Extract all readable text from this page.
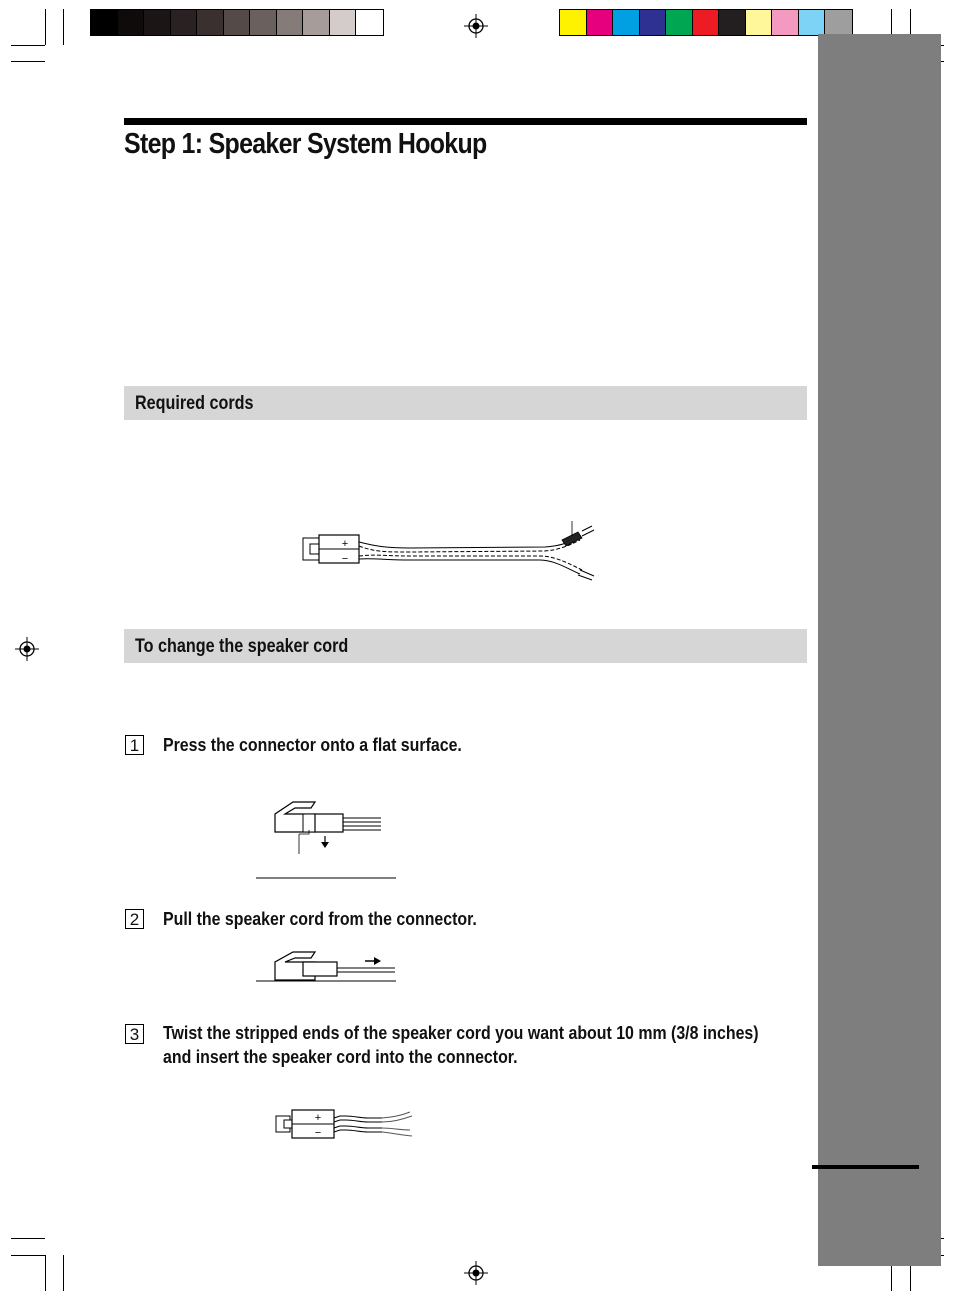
Step 1: Speaker System Hookup
Required cords
+
−
To change the speaker cord
1 Press the connector onto a flat surface.
2 Pull the speaker cord from the connector.
3 Twist the stripped ends of the speaker cord you want about 10 mm (3/8 inches)
and insert the speaker cord into the connector.
+
−
